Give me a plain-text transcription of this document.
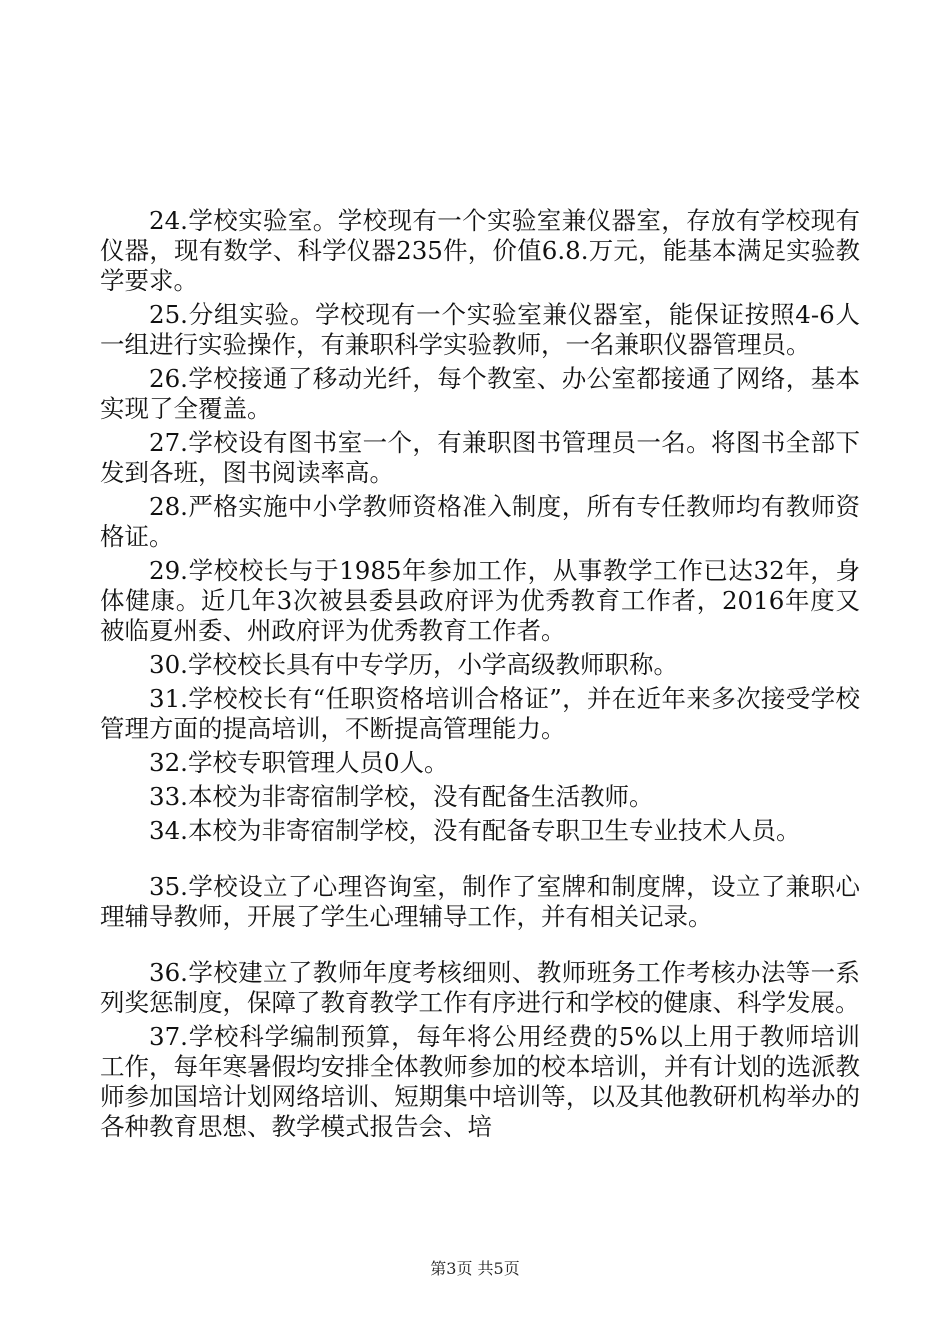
24.学校实验室。学校现有一个实验室兼仪器室，存放有学校现有仪器，现有数学、科学仪器235件，价值6.8.万元，能基本满足实验教学要求。

25.分组实验。学校现有一个实验室兼仪器室，能保证按照4-6人一组进行实验操作，有兼职科学实验教师，一名兼职仪器管理员。

26.学校接通了移动光纤，每个教室、办公室都接通了网络，基本实现了全覆盖。

27.学校设有图书室一个，有兼职图书管理员一名。将图书全部下发到各班，图书阅读率高。

28.严格实施中小学教师资格准入制度，所有专任教师均有教师资格证。

29.学校校长与于1985年参加工作，从事教学工作已达32年，身体健康。近几年3次被县委县政府评为优秀教育工作者，2016年度又被临夏州委、州政府评为优秀教育工作者。

30.学校校长具有中专学历，小学高级教师职称。

31.学校校长有“任职资格培训合格证”，并在近年来多次接受学校管理方面的提高培训，不断提高管理能力。

32.学校专职管理人员0人。

33.本校为非寄宿制学校，没有配备生活教师。

34.本校为非寄宿制学校，没有配备专职卫生专业技术人员。

35.学校设立了心理咨询室，制作了室牌和制度牌，设立了兼职心理辅导教师，开展了学生心理辅导工作，并有相关记录。

36.学校建立了教师年度考核细则、教师班务工作考核办法等一系列奖惩制度，保障了教育教学工作有序进行和学校的健康、科学发展。

37.学校科学编制预算，每年将公用经费的5%以上用于教师培训工作，每年寒暑假均安排全体教师参加的校本培训，并有计划的选派教师参加国培计划网络培训、短期集中培训等，以及其他教研机构举办的各种教育思想、教学模式报告会、培

第3页 共5页
